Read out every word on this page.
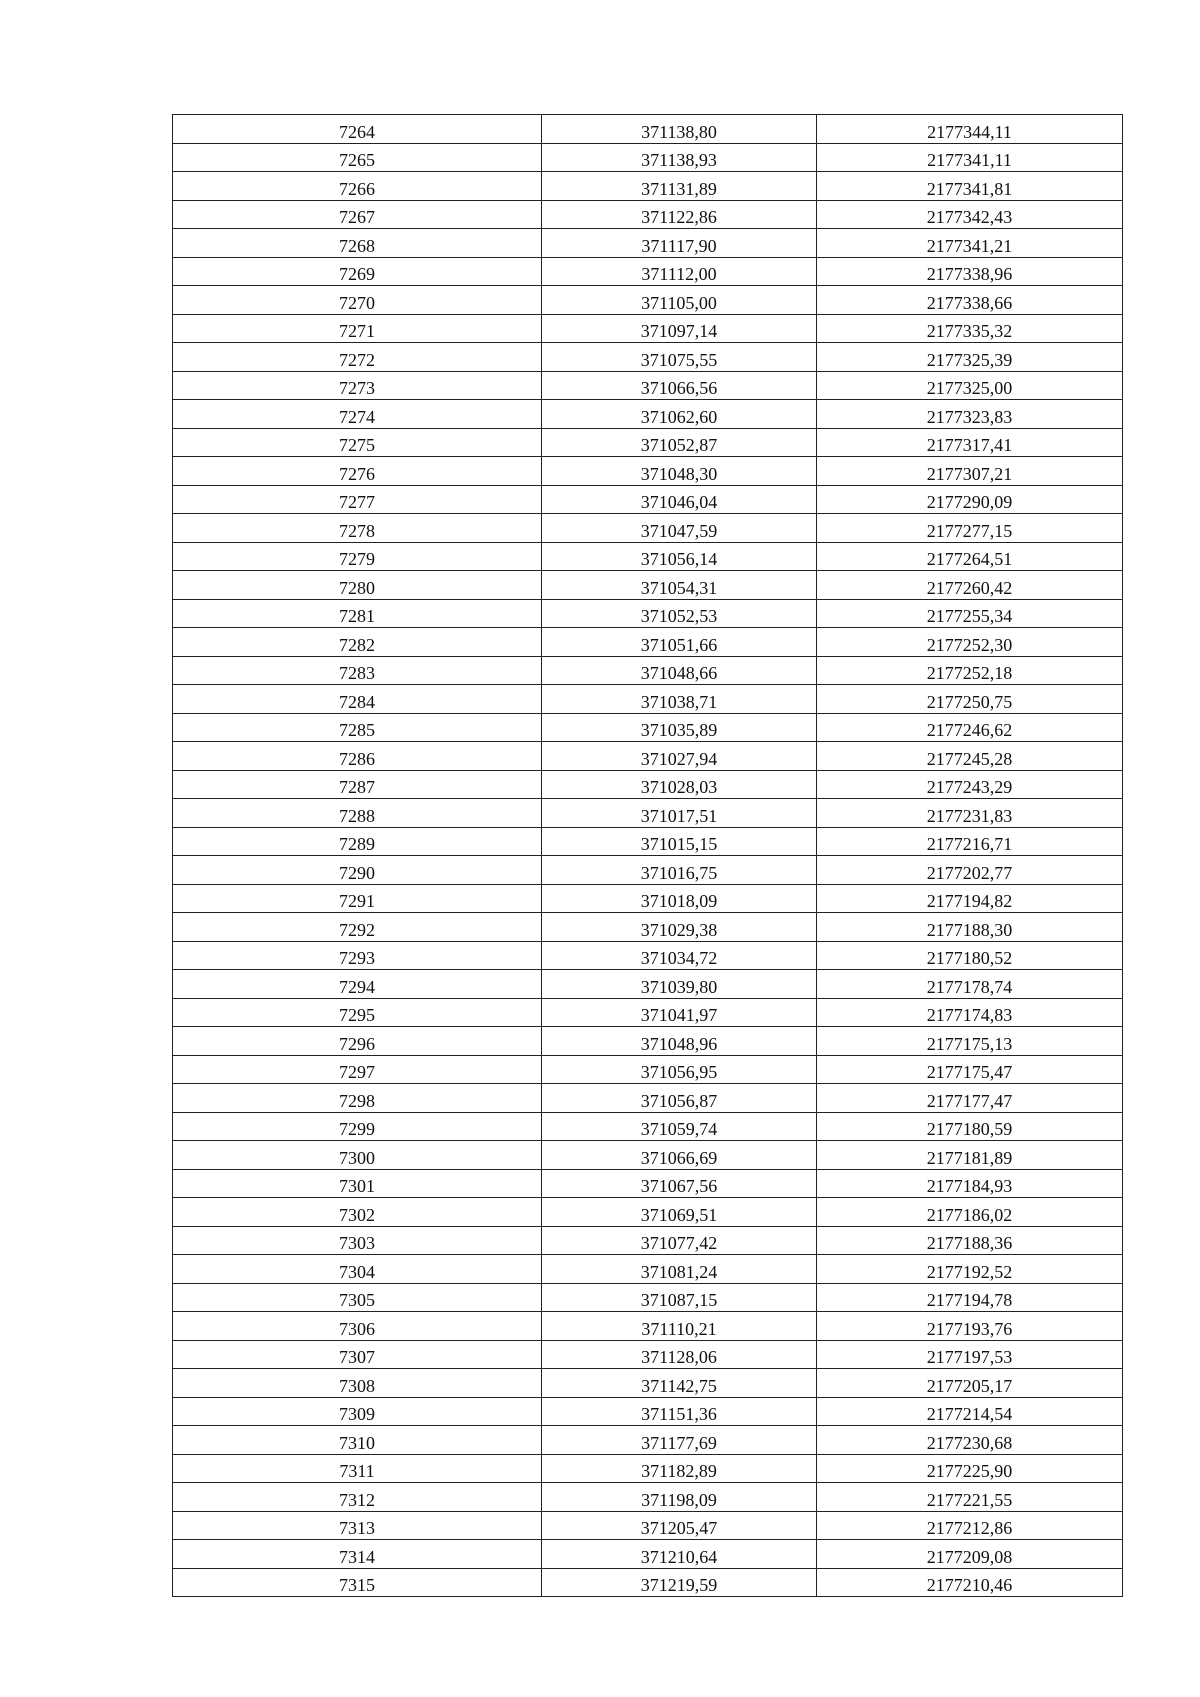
7264	371138,80	2177344,11
7265	371138,93	2177341,11
7266	371131,89	2177341,81
7267	371122,86	2177342,43
7268	371117,90	2177341,21
7269	371112,00	2177338,96
7270	371105,00	2177338,66
7271	371097,14	2177335,32
7272	371075,55	2177325,39
7273	371066,56	2177325,00
7274	371062,60	2177323,83
7275	371052,87	2177317,41
7276	371048,30	2177307,21
7277	371046,04	2177290,09
7278	371047,59	2177277,15
7279	371056,14	2177264,51
7280	371054,31	2177260,42
7281	371052,53	2177255,34
7282	371051,66	2177252,30
7283	371048,66	2177252,18
7284	371038,71	2177250,75
7285	371035,89	2177246,62
7286	371027,94	2177245,28
7287	371028,03	2177243,29
7288	371017,51	2177231,83
7289	371015,15	2177216,71
7290	371016,75	2177202,77
7291	371018,09	2177194,82
7292	371029,38	2177188,30
7293	371034,72	2177180,52
7294	371039,80	2177178,74
7295	371041,97	2177174,83
7296	371048,96	2177175,13
7297	371056,95	2177175,47
7298	371056,87	2177177,47
7299	371059,74	2177180,59
7300	371066,69	2177181,89
7301	371067,56	2177184,93
7302	371069,51	2177186,02
7303	371077,42	2177188,36
7304	371081,24	2177192,52
7305	371087,15	2177194,78
7306	371110,21	2177193,76
7307	371128,06	2177197,53
7308	371142,75	2177205,17
7309	371151,36	2177214,54
7310	371177,69	2177230,68
7311	371182,89	2177225,90
7312	371198,09	2177221,55
7313	371205,47	2177212,86
7314	371210,64	2177209,08
7315	371219,59	2177210,46
